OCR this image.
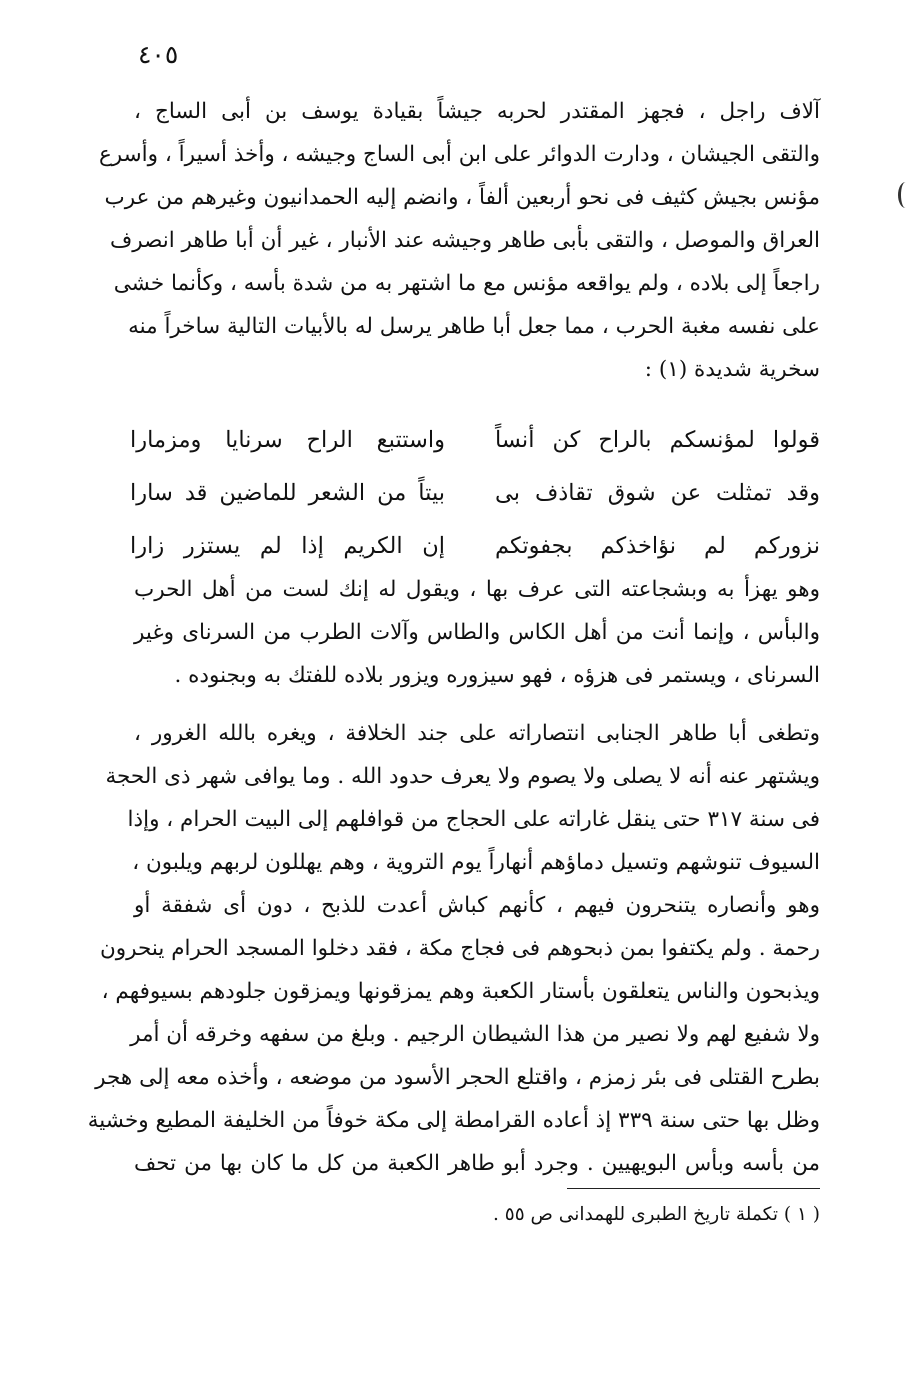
٤٠٥
آلاف راجل ، فجهز المقتدر لحربه جيشاً بقيادة يوسف بن أبى الساج ،
والتقى الجيشان ، ودارت الدوائر على ابن أبى الساج وجيشه ، وأخذ أسيراً ، وأسرع
مؤنس بجيش كثيف فى نحو أربعين ألفاً ، وانضم إليه الحمدانيون وغيرهم من عرب
العراق والموصل ، والتقى بأبى طاهر وجيشه عند الأنبار ، غير أن أبا طاهر انصرف
راجعاً إلى بلاده ، ولم يواقعه مؤنس مع ما اشتهر به من شدة بأسه ، وكأنما خشى
على نفسه مغبة الحرب ، مما جعل أبا طاهر يرسل له بالأبيات التالية ساخراً منه
سخرية شديدة (١) :
قولوا لمؤنسكم بالراح كن أنساً
واستتبع الراح سرنايا ومزمارا
وقد تمثلت عن شوق تقاذف بى
بيتاً من الشعر للماضين قد سارا
نزوركم لم نؤاخذكم بجفوتكم
إن الكريم إذا لم يستزر زارا
وهو يهزأ به وبشجاعته التى عرف بها ، ويقول له إنك لست من أهل الحرب
والبأس ، وإنما أنت من أهل الكاس والطاس وآلات الطرب من السرناى وغير
السرناى ، ويستمر فى هزؤه ، فهو سيزوره ويزور بلاده للفتك به وبجنوده .
وتطغى أبا طاهر الجنابى انتصاراته على جند الخلافة ، ويغره بالله الغرور ،
ويشتهر عنه أنه لا يصلى ولا يصوم ولا يعرف حدود الله . وما يوافى شهر ذى الحجة
فى سنة ٣١٧ حتى ينقل غاراته على الحجاج من قوافلهم إلى البيت الحرام ، وإذا
السيوف تنوشهم وتسيل دماؤهم أنهاراً يوم التروية ، وهم يهللون لربهم ويلبون ،
وهو وأنصاره يتنحرون فيهم ، كأنهم كباش أعدت للذبح ، دون أى شفقة أو
رحمة . ولم يكتفوا بمن ذبحوهم فى فجاج مكة ، فقد دخلوا المسجد الحرام ينحرون
ويذبحون والناس يتعلقون بأستار الكعبة وهم يمزقونها ويمزقون جلودهم بسيوفهم ،
ولا شفيع لهم ولا نصير من هذا الشيطان الرجيم . وبلغ من سفهه وخرقه أن أمر
بطرح القتلى فى بئر زمزم ، واقتلع الحجر الأسود من موضعه ، وأخذه معه إلى هجر
وظل بها حتى سنة ٣٣٩ إذ أعاده القرامطة إلى مكة خوفاً من الخليفة المطيع وخشية
من بأسه وبأس البويهيين . وجرد أبو طاهر الكعبة من كل ما كان بها من تحف
( ١ ) تكملة تاريخ الطبرى للهمدانى ص ٥٥ .
